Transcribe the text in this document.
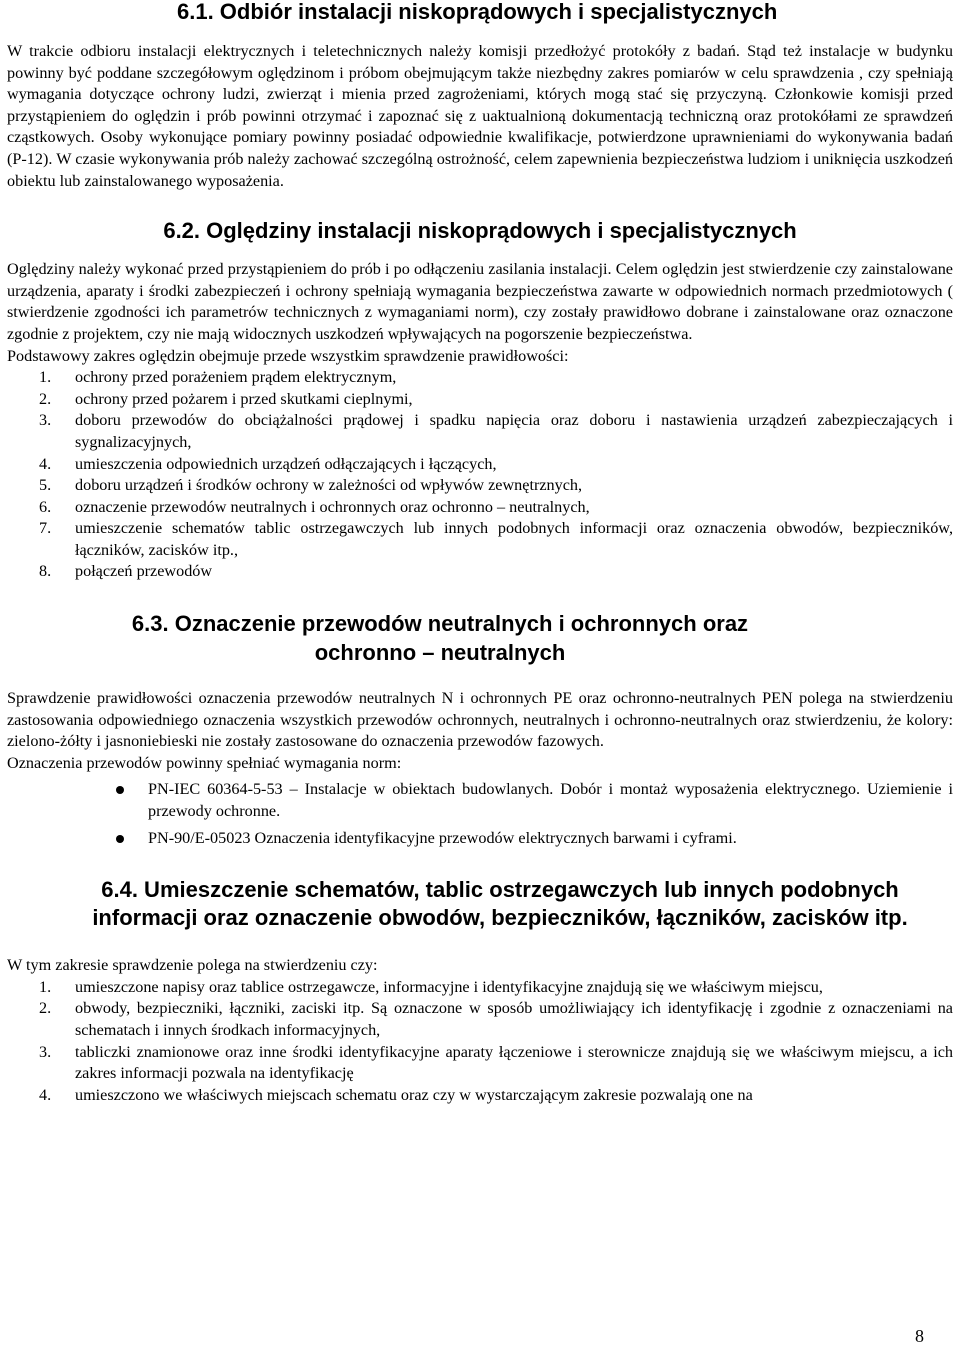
6.1. Odbiór instalacji niskoprądowych i specjalistycznych

W trakcie odbioru instalacji elektrycznych i teletechnicznych należy komisji przedłożyć protokóły z badań. Stąd też instalacje w budynku powinny być poddane szczegółowym oględzinom i próbom obejmującym także niezbędny zakres pomiarów w celu sprawdzenia , czy spełniają wymagania dotyczące ochrony ludzi, zwierząt i mienia przed zagrożeniami, których mogą stać się przyczyną. Członkowie komisji przed przystąpieniem do oględzin i prób powinni otrzymać i zapoznać się z uaktualnioną dokumentacją techniczną oraz protokółami ze sprawdzeń cząstkowych. Osoby wykonujące pomiary powinny posiadać odpowiednie kwalifikacje, potwierdzone uprawnieniami do wykonywania badań (P-12). W czasie wykonywania prób należy zachować szczególną ostrożność, celem zapewnienia bezpieczeństwa ludziom i uniknięcia uszkodzeń obiektu lub zainstalowanego wyposażenia.

6.2. Oględziny instalacji niskoprądowych i specjalistycznych

Oględziny należy wykonać przed przystąpieniem do prób i po odłączeniu zasilania instalacji. Celem oględzin jest stwierdzenie czy zainstalowane urządzenia, aparaty i środki zabezpieczeń i ochrony spełniają wymagania bezpieczeństwa zawarte w odpowiednich normach przedmiotowych ( stwierdzenie zgodności ich parametrów technicznych z wymaganiami norm), czy zostały prawidłowo dobrane i zainstalowane oraz oznaczone zgodnie z projektem, czy nie mają widocznych uszkodzeń wpływających na pogorszenie bezpieczeństwa.

Podstawowy zakres oględzin obejmuje przede wszystkim sprawdzenie prawidłowości:

1. ochrony przed porażeniem prądem elektrycznym,
2. ochrony przed pożarem i przed skutkami cieplnymi,
3. doboru przewodów do obciążalności prądowej i spadku napięcia oraz doboru i nastawienia urządzeń zabezpieczających i sygnalizacyjnych,
4. umieszczenia odpowiednich urządzeń odłączających i łączących,
5. doboru urządzeń i środków ochrony w zależności od wpływów zewnętrznych,
6. oznaczenie przewodów neutralnych i ochronnych oraz ochronno – neutralnych,
7. umieszczenie schematów tablic ostrzegawczych lub innych podobnych informacji oraz oznaczenia obwodów, bezpieczników, łączników, zacisków itp.,
8. połączeń przewodów
6.3. Oznaczenie przewodów neutralnych i ochronnych oraz ochronno – neutralnych

Sprawdzenie prawidłowości oznaczenia przewodów neutralnych N i ochronnych PE oraz ochronno-neutralnych PEN polega na stwierdzeniu zastosowania odpowiedniego oznaczenia wszystkich przewodów ochronnych, neutralnych i ochronno-neutralnych oraz stwierdzeniu, że kolory: zielono-żółty i jasnoniebieski nie zostały zastosowane do oznaczenia przewodów fazowych.

Oznaczenia przewodów powinny spełniać wymagania norm:

PN-IEC 60364-5-53 – Instalacje w obiektach budowlanych. Dobór i montaż wyposażenia elektrycznego. Uziemienie i przewody ochronne.
PN-90/E-05023 Oznaczenia identyfikacyjne przewodów elektrycznych barwami i cyframi.
6.4. Umieszczenie schematów, tablic ostrzegawczych lub innych podobnych informacji oraz oznaczenie obwodów, bezpieczników, łączników, zacisków itp.

W tym zakresie sprawdzenie polega na stwierdzeniu czy:

1. umieszczone napisy oraz tablice ostrzegawcze, informacyjne i identyfikacyjne znajdują się we właściwym miejscu,
2. obwody, bezpieczniki, łączniki, zaciski itp. Są oznaczone w sposób umożliwiający ich identyfikację i zgodnie z oznaczeniami na schematach i innych środkach informacyjnych,
3. tabliczki znamionowe oraz inne środki identyfikacyjne aparaty łączeniowe i sterownicze znajdują się we właściwym miejscu, a ich zakres informacji pozwala na identyfikację
4. umieszczono we właściwych miejscach schematu oraz czy w wystarczającym zakresie pozwalają one na
8
